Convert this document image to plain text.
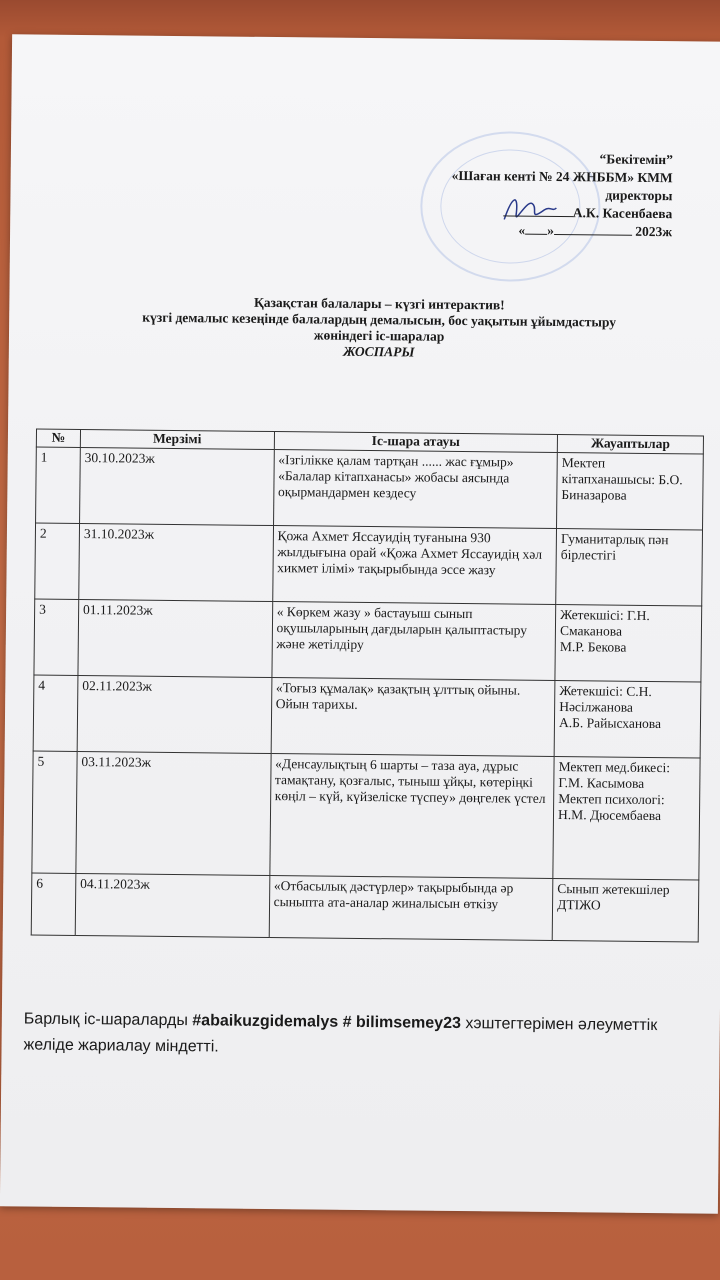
“Бекітемін”
«Шаған кенті № 24 ЖНББМ» КММ
директоры
А.К. Касенбаева
« »	2023ж
Қазақстан балалары – күзгі интерактив!
күзгі демалыс кезеңінде балалардың демалысын, бос уақытын ұйымдастыру
жөніндегі іс-шаралар
ЖОСПАРЫ
№	Мерзімі	Іс-шара атауы	Жауаптылар
1	30.10.2023ж	«Ізгілікке қалам тартқан ...... жас ғұмыр»
«Балалар кітапханасы» жобасы аясында оқырмандармен кездесу	Мектеп кітапханашысы: Б.О. Биназарова
2	31.10.2023ж	Қожа Ахмет Яссауидің туғанына 930 жылдығына орай «Қожа Ахмет Яссауидің хәл хикмет ілімі» тақырыбында эссе жазу	Гуманитарлық пән бірлестігі
3	01.11.2023ж	« Көркем жазу » бастауыш сынып оқушыларының дағдыларын қалыптастыру және жетілдіру	Жетекшісі: Г.Н. Смаканова
М.Р. Бекова
4	02.11.2023ж	«Тоғыз құмалақ» қазақтың ұлттық ойыны. Ойын тарихы.	Жетекшісі: С.Н. Нәсілжанова
А.Б. Райысханова
5	03.11.2023ж	«Денсаулықтың 6 шарты – таза ауа, дұрыс тамақтану, қозғалыс, тыныш ұйқы, көтеріңкі көңіл – күй, күйзеліске түспеу» дөңгелек үстел	Мектеп мед.бикесі: Г.М. Касымова
Мектеп психологі: Н.М. Дюсембаева
6	04.11.2023ж	«Отбасылық дәстүрлер» тақырыбында әр сыныпта ата-аналар жиналысын өткізу	Сынып жетекшілер ДТІЖО
Барлық іс-шараларды #abaikuzgidemalys # bilimsemey23 хэштегтерімен әлеуметтік желіде жариалау міндетті.
